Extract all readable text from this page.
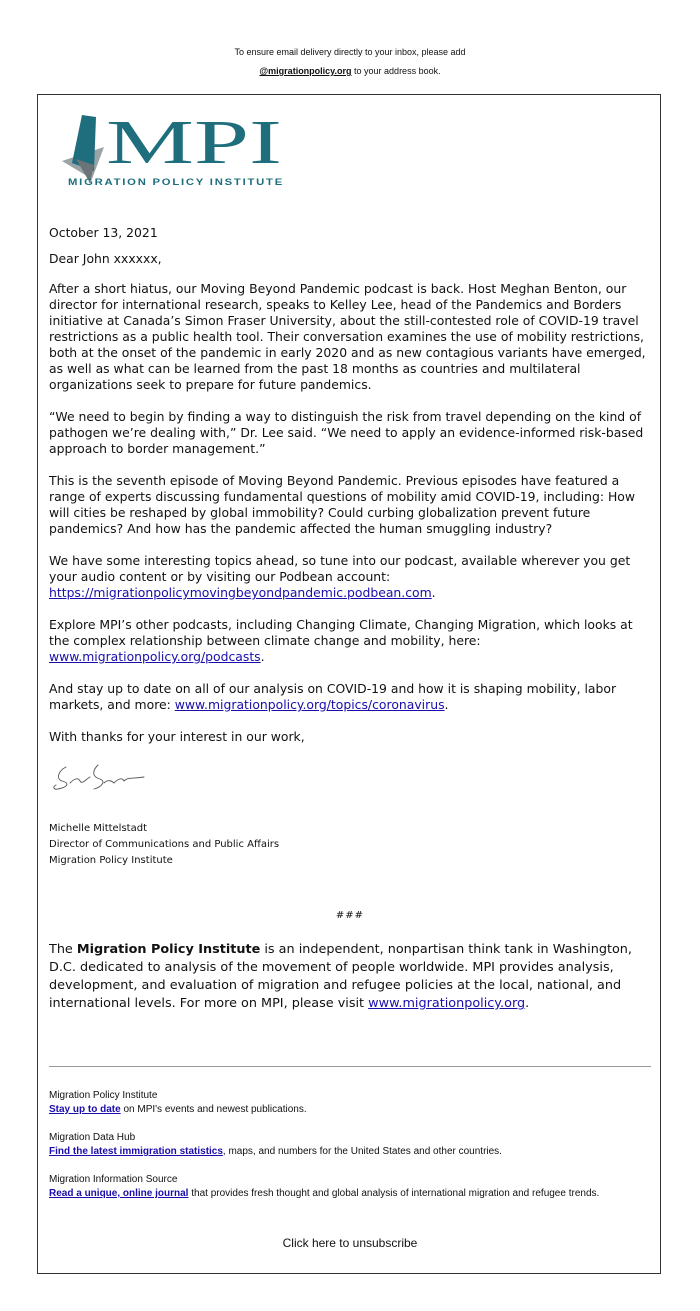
To ensure email delivery directly to your inbox, please add
@migrationpolicy.org to your address book.
MPI
MIGRATION POLICY INSTITUTE

October 13, 2021

Dear John xxxxxx,

After a short hiatus, our Moving Beyond Pandemic podcast is back. Host Meghan Benton, our director for international research, speaks to Kelley Lee, head of the Pandemics and Borders initiative at Canada’s Simon Fraser University, about the still-contested role of COVID-19 travel restrictions as a public health tool. Their conversation examines the use of mobility restrictions, both at the onset of the pandemic in early 2020 and as new contagious variants have emerged, as well as what can be learned from the past 18 months as countries and multilateral organizations seek to prepare for future pandemics.

“We need to begin by finding a way to distinguish the risk from travel depending on the kind of pathogen we’re dealing with,” Dr. Lee said. “We need to apply an evidence-informed risk-based approach to border management.”

This is the seventh episode of Moving Beyond Pandemic. Previous episodes have featured a range of experts discussing fundamental questions of mobility amid COVID-19, including: How will cities be reshaped by global immobility? Could curbing globalization prevent future pandemics? And how has the pandemic affected the human smuggling industry?

We have some interesting topics ahead, so tune into our podcast, available wherever you get your audio content or by visiting our Podbean account: https://migrationpolicymovingbeyondpandemic.podbean.com.

Explore MPI’s other podcasts, including Changing Climate, Changing Migration, which looks at the complex relationship between climate change and mobility, here: www.migrationpolicy.org/podcasts.

And stay up to date on all of our analysis on COVID-19 and how it is shaping mobility, labor markets, and more: www.migrationpolicy.org/topics/coronavirus.

With thanks for your interest in our work,

Michelle Mittelstadt

Director of Communications and Public Affairs

Migration Policy Institute

###

The Migration Policy Institute is an independent, nonpartisan think tank in Washington, D.C. dedicated to analysis of the movement of people worldwide. MPI provides analysis, development, and evaluation of migration and refugee policies at the local, national, and international levels. For more on MPI, please visit www.migrationpolicy.org.

Migration Policy Institute

Stay up to date on MPI's events and newest publications.

Migration Data Hub

Find the latest immigration statistics, maps, and numbers for the United States and other countries.

Migration Information Source

Read a unique, online journal that provides fresh thought and global analysis of international migration and refugee trends.

Click here to unsubscribe
